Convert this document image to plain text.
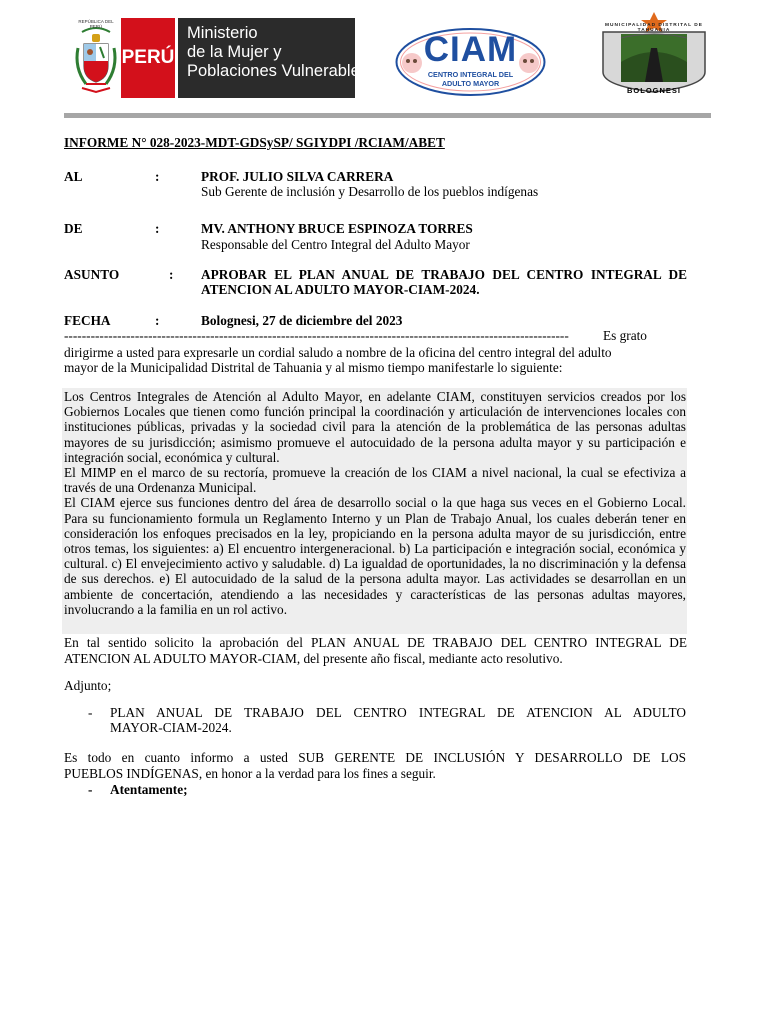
REPÚBLICA DEL PERÚ
PERÚ
Ministerio
de la Mujer y
Poblaciones Vulnerables
CIAM
CENTRO INTEGRAL DEL
ADULTO MAYOR
MUNICIPALIDAD DISTRITAL DE TAHUANIA
BOLOGNESI
INFORME N° 028-2023-MDT-GDSySP/ SGIYDPI /RCIAM/ABET
AL	:	PROF. JULIO SILVA CARRERA
Sub Gerente de inclusión y Desarrollo de los pueblos indígenas
DE	:	MV. ANTHONY BRUCE ESPINOZA TORRES
Responsable del Centro Integral del Adulto Mayor
ASUNTO	: APROBAR EL PLAN ANUAL DE TRABAJO DEL CENTRO INTEGRAL DE
ATENCION AL ADULTO MAYOR-CIAM-2024.
FECHA	:	Bolognesi, 27 de diciembre del 2023
------------------------------------------------------------------------------------------------------------------	Es grato
dirigirme a usted para expresarle un cordial saludo a nombre de la oficina del centro integral del adulto
mayor de la Municipalidad Distrital de Tahuania y al mismo tiempo manifestarle lo siguiente:

Los Centros Integrales de Atención al Adulto Mayor, en adelante CIAM, constituyen servicios creados por los Gobiernos Locales que tienen como función principal la coordinación y articulación de intervenciones locales con instituciones públicas, privadas y la sociedad civil para la atención de la problemática de las personas adultas mayores de su jurisdicción; asimismo promueve el autocuidado de la persona adulta mayor y su participación e integración social, económica y cultural.

El MIMP en el marco de su rectoría, promueve la creación de los CIAM a nivel nacional, la cual se efectiviza a través de una Ordenanza Municipal.

El CIAM ejerce sus funciones dentro del área de desarrollo social o la que haga sus veces en el Gobierno Local. Para su funcionamiento formula un Reglamento Interno y un Plan de Trabajo Anual, los cuales deberán tener en consideración los enfoques precisados en la ley, propiciando en la persona adulta mayor de su jurisdicción, entre otros temas, los siguientes: a) El encuentro intergeneracional. b) La participación e integración social, económica y cultural. c) El envejecimiento activo y saludable. d) La igualdad de oportunidades, la no discriminación y la defensa de sus derechos. e) El autocuidado de la salud de la persona adulta mayor. Las actividades se desarrollan en un ambiente de concertación, atendiendo a las necesidades y características de las personas adultas mayores, involucrando a la familia en un rol activo.

En tal sentido solicito la aprobación del PLAN ANUAL DE TRABAJO DEL CENTRO INTEGRAL DE
ATENCION AL ADULTO MAYOR-CIAM, del presente año fiscal, mediante acto resolutivo.
Adjunto;
- PLAN ANUAL DE TRABAJO DEL CENTRO INTEGRAL DE ATENCION AL ADULTO
MAYOR-CIAM-2024.
Es todo en cuanto informo a usted SUB GERENTE DE INCLUSIÓN Y DESARROLLO DE LOS
PUEBLOS INDÍGENAS, en honor a la verdad para los fines a seguir.
- Atentamente;
